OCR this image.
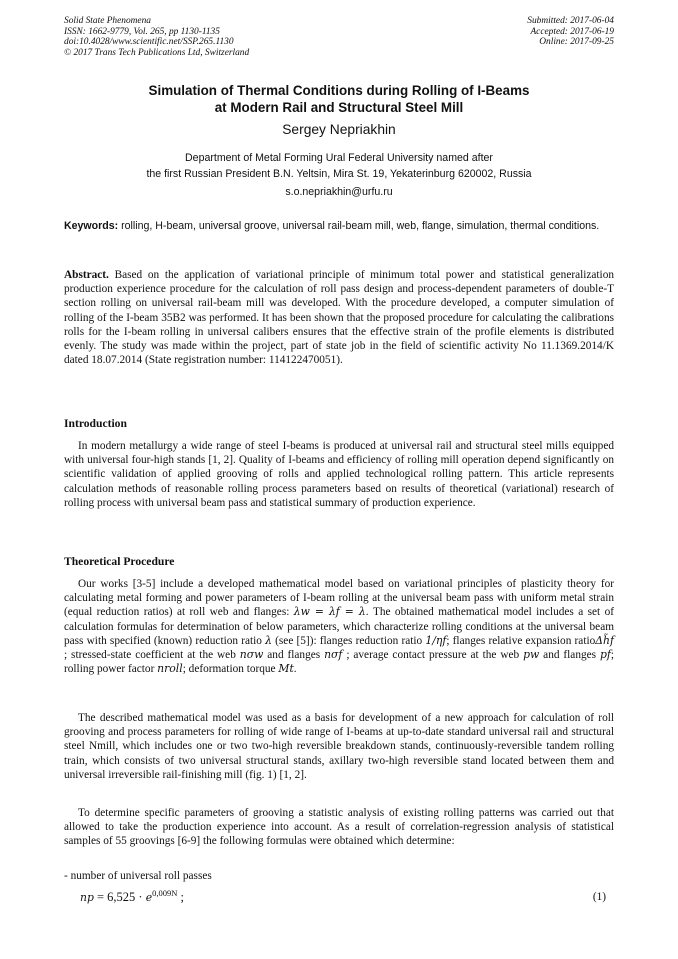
Solid State Phenomena
ISSN: 1662-9779, Vol. 265, pp 1130-1135
doi:10.4028/www.scientific.net/SSP.265.1130
© 2017 Trans Tech Publications Ltd, Switzerland
Submitted: 2017-06-04
Accepted: 2017-06-19
Online: 2017-09-25
Simulation of Thermal Conditions during Rolling of I-Beams
at Modern Rail and Structural Steel Mill
Sergey Nepriakhin
Department of Metal Forming Ural Federal University named after
the first Russian President B.N. Yeltsin, Mira St. 19, Yekaterinburg 620002, Russia
s.o.nepriakhin@urfu.ru
Keywords: rolling, H-beam, universal groove, universal rail-beam mill, web, flange, simulation, thermal conditions.
Abstract. Based on the application of variational principle of minimum total power and statistical generalization production experience procedure for the calculation of roll pass design and process-dependent parameters of double-T section rolling on universal rail-beam mill was developed. With the procedure developed, a computer simulation of rolling of the I-beam 35B2 was performed. It has been shown that the proposed procedure for calculating the calibrations rolls for the I-beam rolling in universal calibers ensures that the effective strain of the profile elements is distributed evenly. The study was made within the project, part of state job in the field of scientific activity No 11.1369.2014/K dated 18.07.2014 (State registration number: 114122470051).
Introduction
In modern metallurgy a wide range of steel I-beams is produced at universal rail and structural steel mills equipped with universal four-high stands [1, 2]. Quality of I-beams and efficiency of rolling mill operation depend significantly on scientific validation of applied grooving of rolls and applied technological rolling pattern. This article represents calculation methods of reasonable rolling process parameters based on results of theoretical (variational) research of rolling process with universal beam pass and statistical summary of production experience.
Theoretical Procedure
Our works [3-5] include a developed mathematical model based on variational principles of plasticity theory for calculating metal forming and power parameters of I-beam rolling at the universal beam pass with uniform metal strain (equal reduction ratios) at roll web and flanges: λw = λf = λ. The obtained mathematical model includes a set of calculation formulas for determination of below parameters, which characterize rolling conditions at the universal beam pass with specified (known) reduction ratio λ (see [5]): flanges reduction ratio 1/ηf; flanges relative expansion ratioΔh̃f ; stressed-state coefficient at the web nσw and flanges nσf ; average contact pressure at the web pw and flanges pf; rolling power factor nroll; deformation torque Mt.
The described mathematical model was used as a basis for development of a new approach for calculation of roll grooving and process parameters for rolling of wide range of I-beams at up-to-date standard universal rail and structural steel Nmill, which includes one or two two-high reversible breakdown stands, continuously-reversible tandem rolling train, which consists of two universal structural stands, axillary two-high reversible stand located between them and universal irreversible rail-finishing mill (fig. 1) [1, 2].
To determine specific parameters of grooving a statistic analysis of existing rolling patterns was carried out that allowed to take the production experience into account. As a result of correlation-regression analysis of statistical samples of 55 groovings [6-9] the following formulas were obtained which determine:
- number of universal roll passes
np = $6,525 \cdot e^{0,009N}$ ;	(1)
